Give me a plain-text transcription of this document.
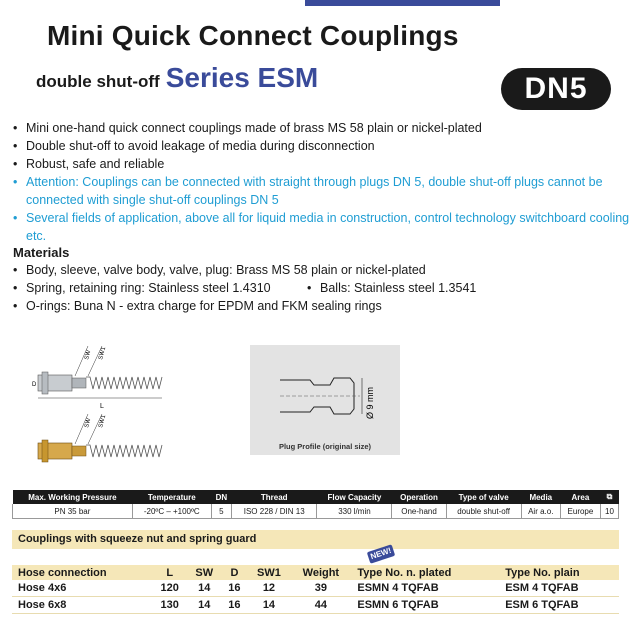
Mini Quick Connect Couplings
double shut-off Series ESM	DN5
• Mini one-hand quick connect couplings made of brass MS 58 plain or nickel-plated
• Double shut-off to avoid leakage of media during disconnection
• Robust, safe and reliable
• Attention: Couplings can be connected with straight through plugs DN 5, double shut-off plugs cannot be connected with single shut-off couplings DN 5
• Several fields of application, above all for liquid media in construction, control technology switchboard cooling etc.
Materials
• Body, sleeve, valve body, valve, plug: Brass MS 58 plain or nickel-plated
• Spring, retaining ring: Stainless steel 1.4310	• Balls: Stainless steel 1.3541
• O-rings: Buna N - extra charge for EPDM and FKM sealing rings
L
D
SW SW1
SW SW1
Ø 9 mm
Plug Profile (original size)
Max. Working Pressure	Temperature	DN	Thread	Flow Capacity	Operation	Type of valve	Media	Area	⧉
PN 35 bar	-20ºC – +100ºC	5	ISO 228 / DIN 13	330 l/min	One-hand	double shut-off	Air a.o.	Europe	10
Couplings with squeeze nut and spring guard
NEW!
Hose connection	L	SW	D	SW1	Weight	Type No. n. plated	Type No. plain
Hose 4x6	120	14	16	12	39	ESMN 4 TQFAB	ESM 4 TQFAB
Hose 6x8	130	14	16	14	44	ESMN 6 TQFAB	ESM 6 TQFAB
